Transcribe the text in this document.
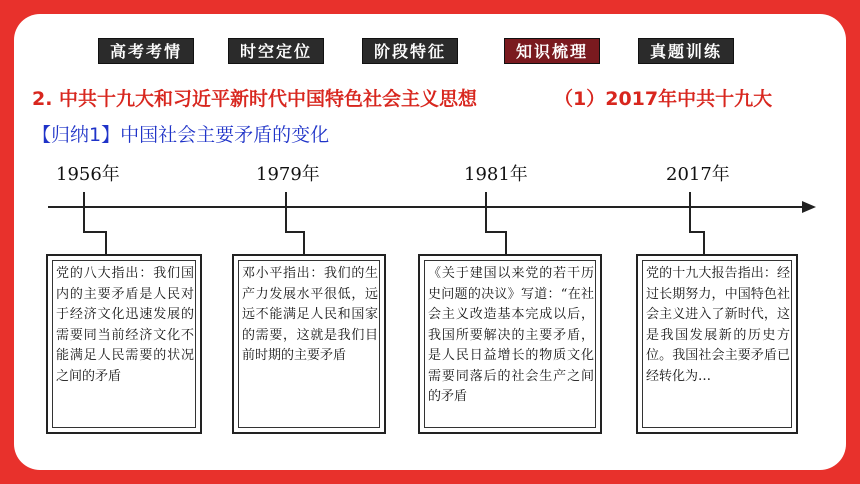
高考考情	时空定位	阶段特征	知识梳理	真题训练
2. 中共十九大和习近平新时代中国特色社会主义思想	（1）2017年中共十九大
【归纳1】中国社会主要矛盾的变化
1956年	1979年	1981年	2017年
党的八大指出：我们国内的主要矛盾是人民对于经济文化迅速发展的需要同当前经济文化不能满足人民需要的状况之间的矛盾
邓小平指出：我们的生产力发展水平很低，远远不能满足人民和国家的需要，这就是我们目前时期的主要矛盾
《关于建国以来党的若干历史问题的决议》写道：“在社会主义改造基本完成以后，我国所要解决的主要矛盾，是人民日益增长的物质文化需要同落后的社会生产之间的矛盾
党的十九大报告指出：经过长期努力，中国特色社会主义进入了新时代，这是我国发展新的历史方位。我国社会主要矛盾已经转化为…
